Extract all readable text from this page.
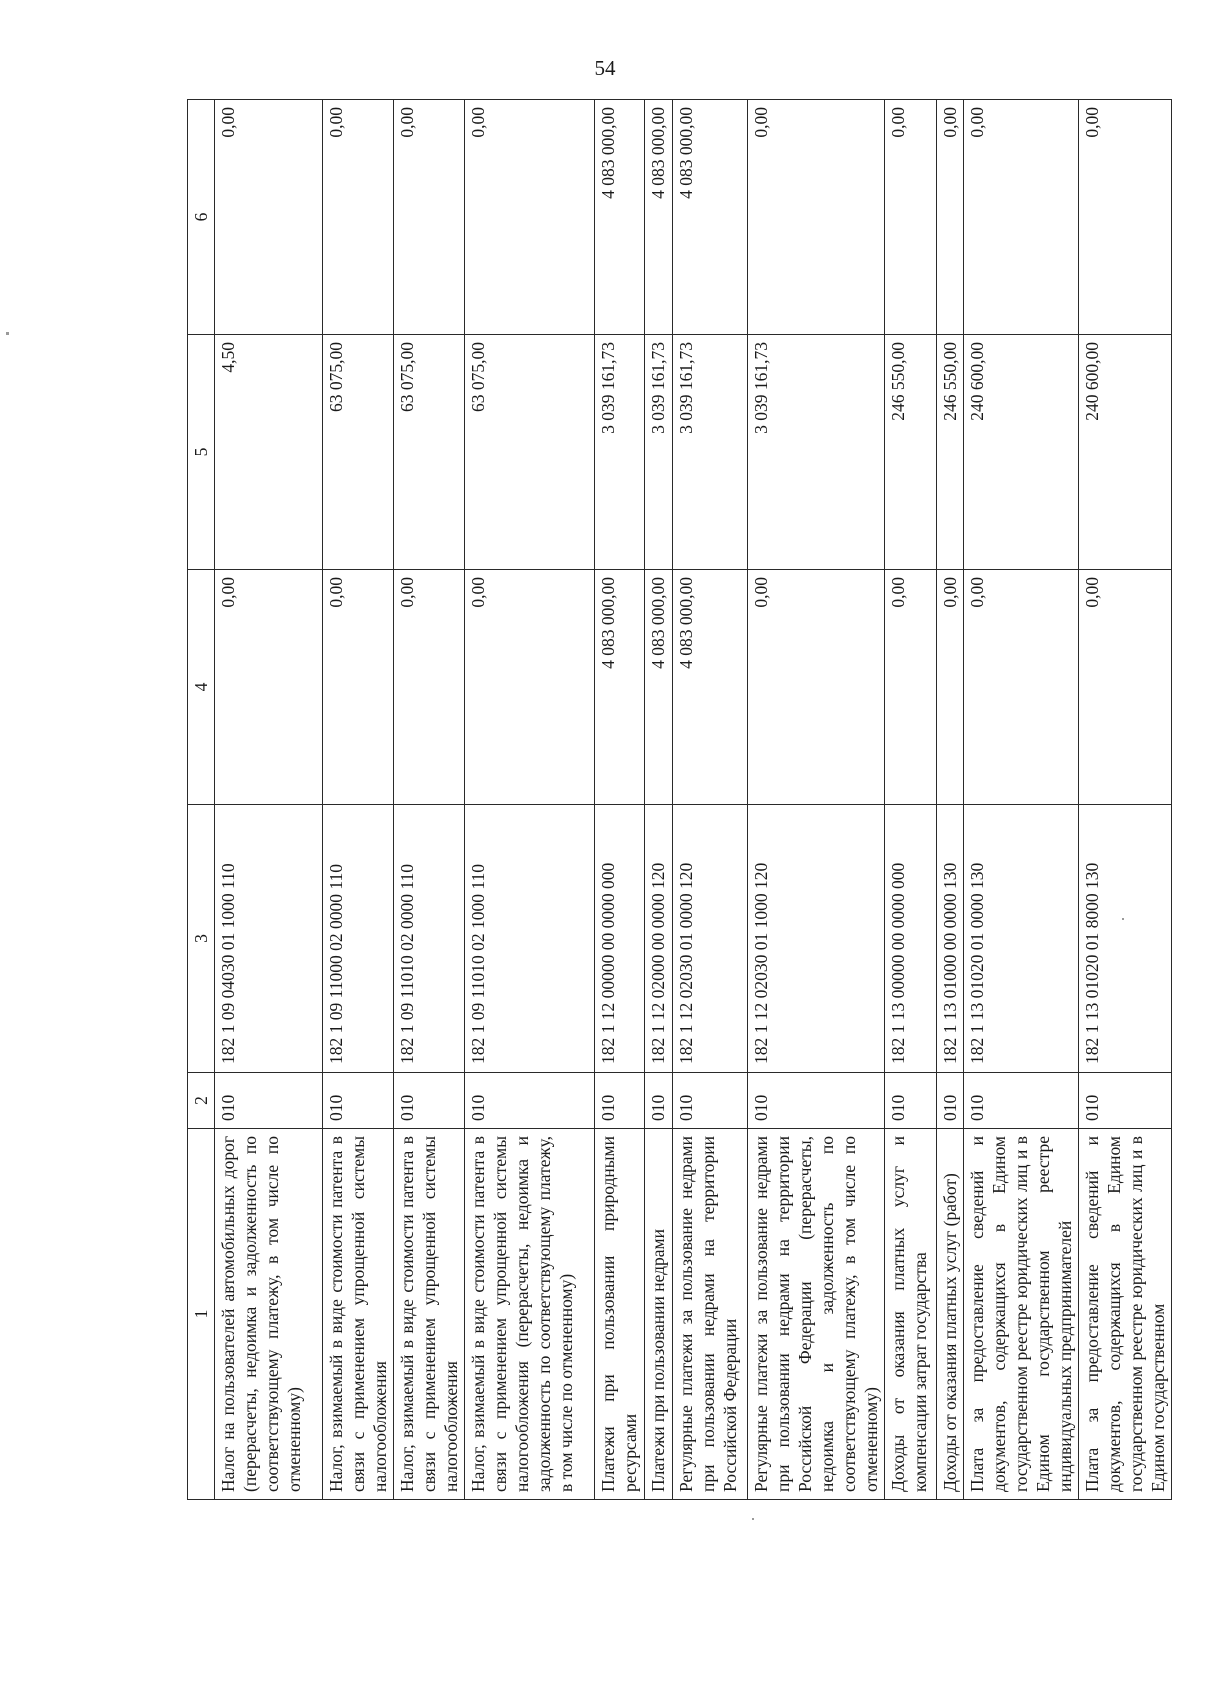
54
1	2	3	4	5	6
Налог на пользователей автомобильных дорог (перерасчеты, недоимка и задолженность по соответствующему платежу, в том числе по отмененному)	010	182 1 09 04030 01 1000 110	0,00	4,50	0,00
Налог, взимаемый в виде стоимости патента в связи с применением упрощенной системы налогообложения	010	182 1 09 11000 02 0000 110	0,00	63 075,00	0,00
Налог, взимаемый в виде стоимости патента в связи с применением упрощенной системы налогообложения	010	182 1 09 11010 02 0000 110	0,00	63 075,00	0,00
Налог, взимаемый в виде стоимости патента в связи с применением упрощенной системы налогообложения (перерасчеты, недоимка и задолженность по соответствующему платежу, в том числе по отмененному)	010	182 1 09 11010 02 1000 110	0,00	63 075,00	0,00
Платежи при пользовании природными ресурсами	010	182 1 12 00000 00 0000 000	4 083 000,00	3 039 161,73	4 083 000,00
Платежи при пользовании недрами	010	182 1 12 02000 00 0000 120	4 083 000,00	3 039 161,73	4 083 000,00
Регулярные платежи за пользование недрами при пользовании недрами на территории Российской Федерации	010	182 1 12 02030 01 0000 120	4 083 000,00	3 039 161,73	4 083 000,00
Регулярные платежи за пользование недрами при пользовании недрами на территории Российской Федерации (перерасчеты, недоимка и задолженность по соответствующему платежу, в том числе по отмененному)	010	182 1 12 02030 01 1000 120	0,00	3 039 161,73	0,00
Доходы от оказания платных услуг и компенсации затрат государства	010	182 1 13 00000 00 0000 000	0,00	246 550,00	0,00
Доходы от оказания платных услуг (работ)	010	182 1 13 01000 00 0000 130	0,00	246 550,00	0,00
Плата за предоставление сведений и документов, содержащихся в Едином государственном реестре юридических лиц и в Едином государственном реестре индивидуальных предпринимателей	010	182 1 13 01020 01 0000 130	0,00	240 600,00	0,00
Плата за предоставление сведений и документов, содержащихся в Едином государственном реестре юридических лиц и в Едином государственном	010	182 1 13 01020 01 8000 130	0,00	240 600,00	0,00
